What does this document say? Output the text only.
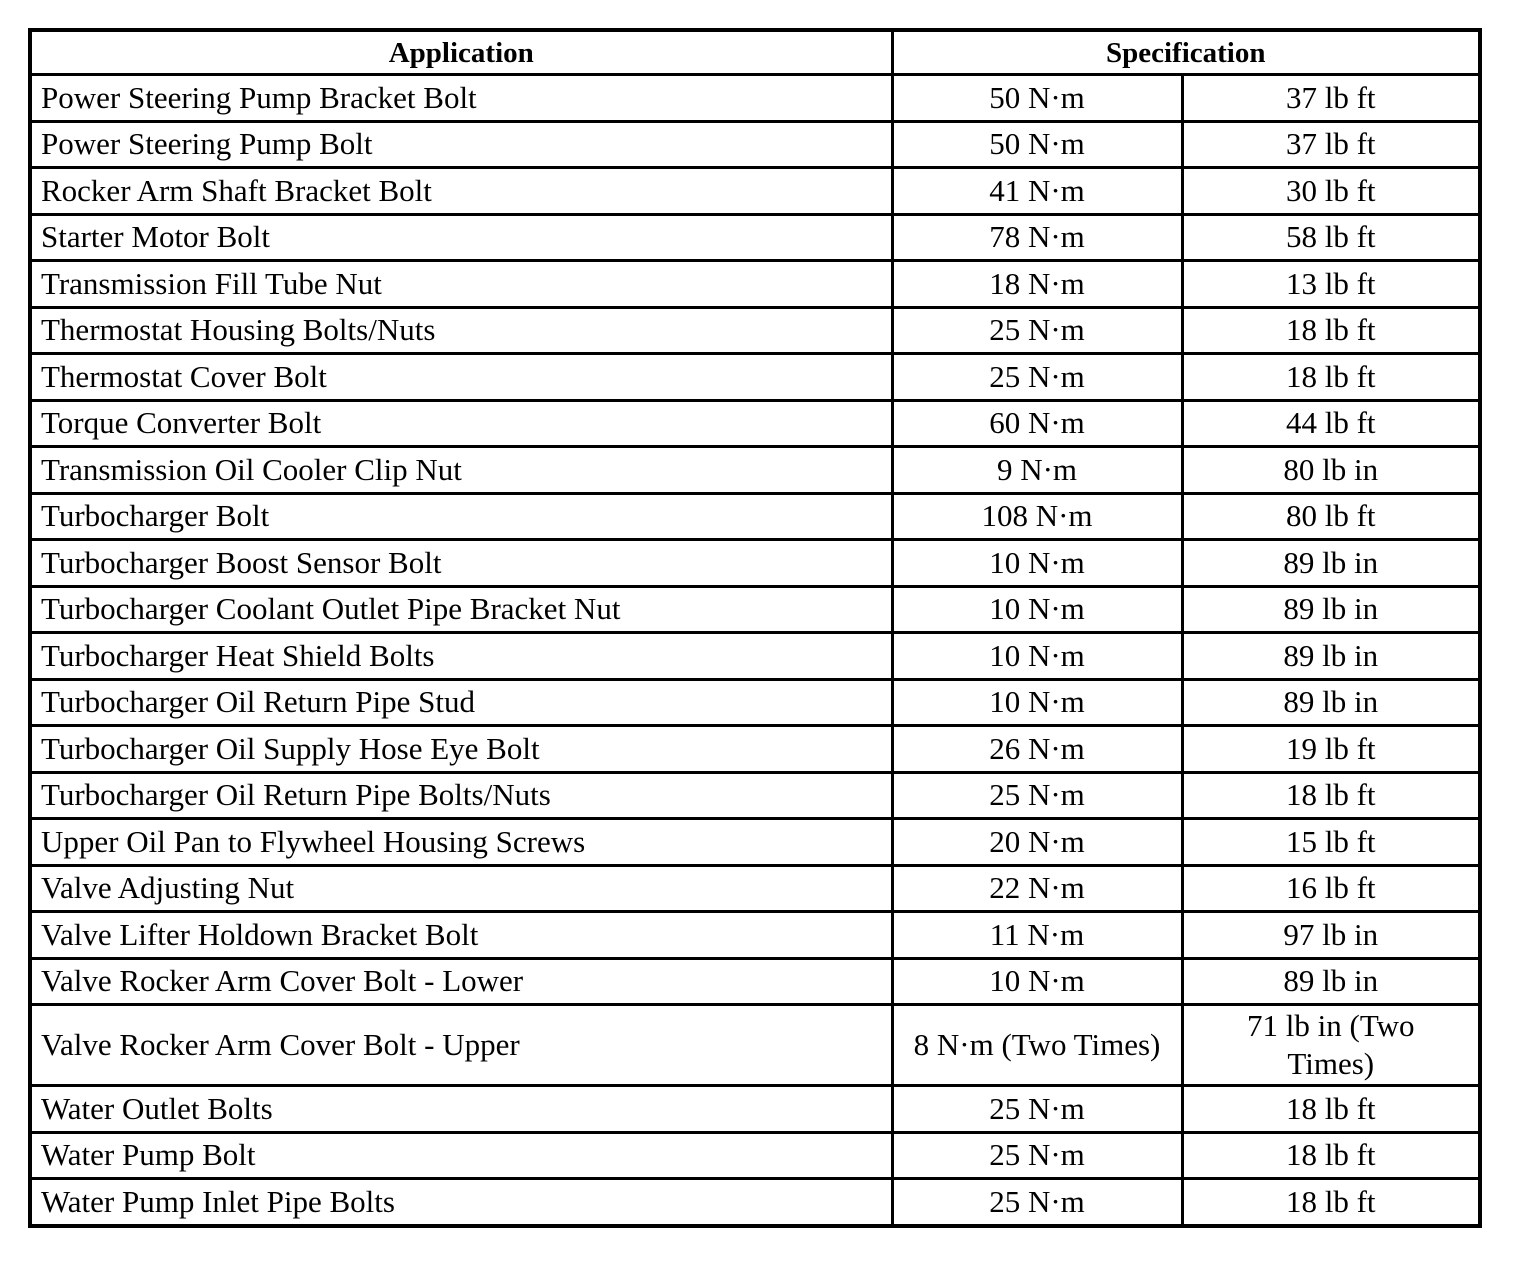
Application	Specification	
Power Steering Pump Bracket Bolt	50 N·m	37 lb ft
Power Steering Pump Bolt	50 N·m	37 lb ft
Rocker Arm Shaft Bracket Bolt	41 N·m	30 lb ft
Starter Motor Bolt	78 N·m	58 lb ft
Transmission Fill Tube Nut	18 N·m	13 lb ft
Thermostat Housing Bolts/Nuts	25 N·m	18 lb ft
Thermostat Cover Bolt	25 N·m	18 lb ft
Torque Converter Bolt	60 N·m	44 lb ft
Transmission Oil Cooler Clip Nut	9 N·m	80 lb in
Turbocharger Bolt	108 N·m	80 lb ft
Turbocharger Boost Sensor Bolt	10 N·m	89 lb in
Turbocharger Coolant Outlet Pipe Bracket Nut	10 N·m	89 lb in
Turbocharger Heat Shield Bolts	10 N·m	89 lb in
Turbocharger Oil Return Pipe Stud	10 N·m	89 lb in
Turbocharger Oil Supply Hose Eye Bolt	26 N·m	19 lb ft
Turbocharger Oil Return Pipe Bolts/Nuts	25 N·m	18 lb ft
Upper Oil Pan to Flywheel Housing Screws	20 N·m	15 lb ft
Valve Adjusting Nut	22 N·m	16 lb ft
Valve Lifter Holdown Bracket Bolt	11 N·m	97 lb in
Valve Rocker Arm Cover Bolt - Lower	10 N·m	89 lb in
Valve Rocker Arm Cover Bolt - Upper	8 N·m (Two Times)	71 lb in (Two Times)
Water Outlet Bolts	25 N·m	18 lb ft
Water Pump Bolt	25 N·m	18 lb ft
Water Pump Inlet Pipe Bolts	25 N·m	18 lb ft
